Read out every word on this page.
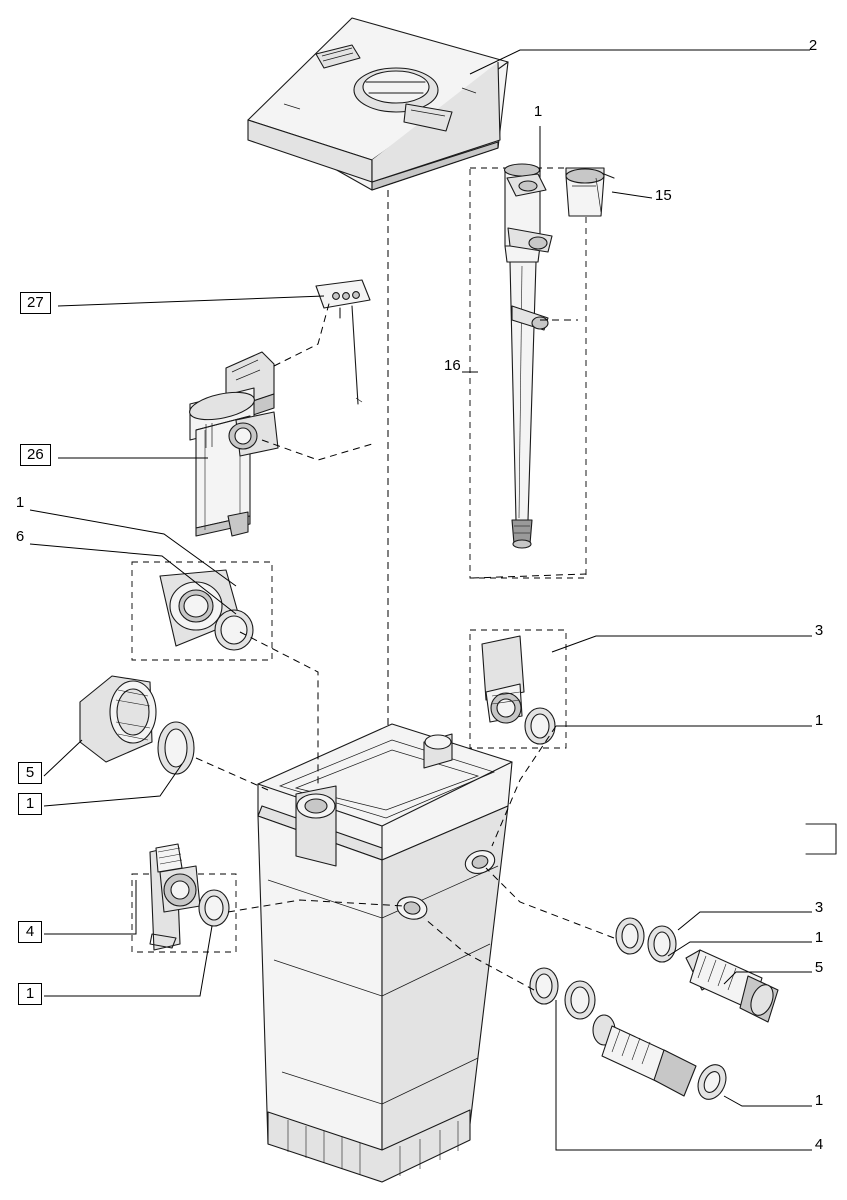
2
1
15
27
16
26
1
6
3
1
5
1
3
1
5
4
1
1
4
